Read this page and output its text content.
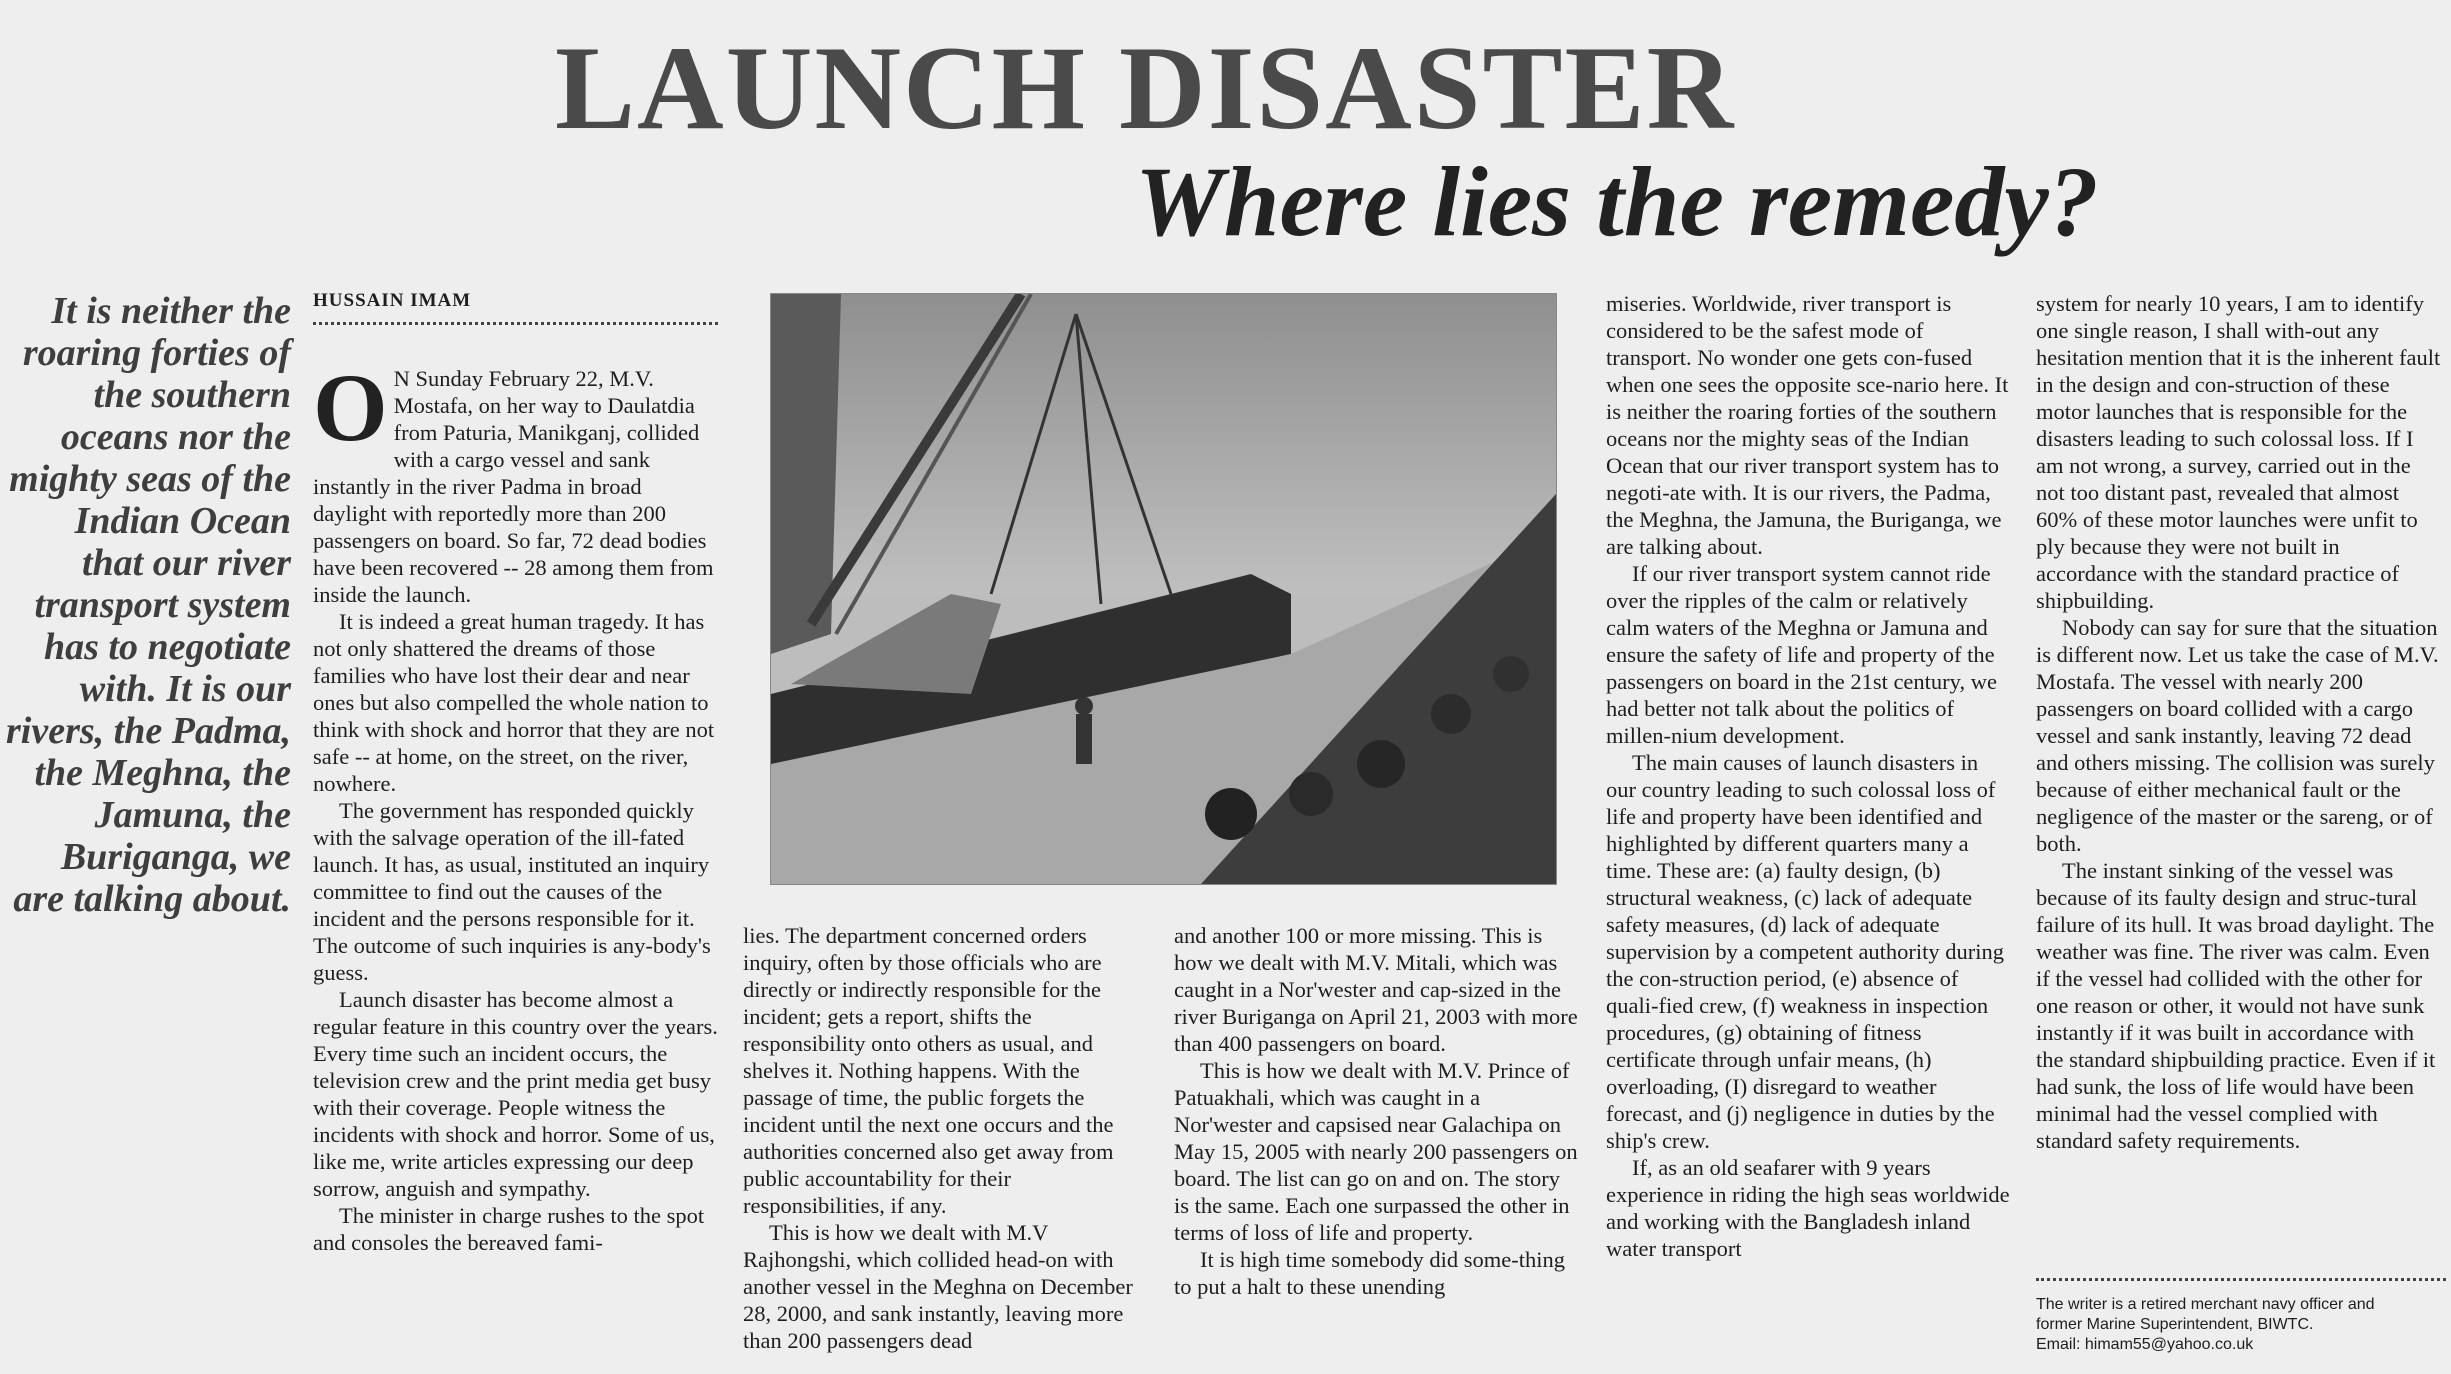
LAUNCH DISASTER
Where lies the remedy?

It is neither the roaring forties of the southern oceans nor the mighty seas of the Indian Ocean that our river transport system has to negotiate with. It is our rivers, the Padma, the Meghna, the Jamuna, the Buriganga, we are talking about.

HUSSAIN IMAM
O N Sunday February 22, M.V. Mostafa, on her way to Daulatdia from Paturia, Manikganj, collided with a cargo vessel and sank instantly in the river Padma in broad daylight with reportedly more than 200 passengers on board. So far, 72 dead bodies have been recovered -- 28 among them from inside the launch.

It is indeed a great human tragedy. It has not only shattered the dreams of those families who have lost their dear and near ones but also compelled the whole nation to think with shock and horror that they are not safe -- at home, on the street, on the river, nowhere.

The government has responded quickly with the salvage operation of the ill-fated launch. It has, as usual, instituted an inquiry committee to find out the causes of the incident and the persons responsible for it. The outcome of such inquiries is any-body's guess.

Launch disaster has become almost a regular feature in this country over the years. Every time such an incident occurs, the television crew and the print media get busy with their coverage. People witness the incidents with shock and horror. Some of us, like me, write articles expressing our deep sorrow, anguish and sympathy.

The minister in charge rushes to the spot and consoles the bereaved fami-

lies. The department concerned orders inquiry, often by those officials who are directly or indirectly responsible for the incident; gets a report, shifts the responsibility onto others as usual, and shelves it. Nothing happens. With the passage of time, the public forgets the incident until the next one occurs and the authorities concerned also get away from public accountability for their responsibilities, if any.

This is how we dealt with M.V Rajhongshi, which collided head-on with another vessel in the Meghna on December 28, 2000, and sank instantly, leaving more than 200 passengers dead

and another 100 or more missing. This is how we dealt with M.V. Mitali, which was caught in a Nor'wester and cap-sized in the river Buriganga on April 21, 2003 with more than 400 passengers on board.

This is how we dealt with M.V. Prince of Patuakhali, which was caught in a Nor'wester and capsised near Galachipa on May 15, 2005 with nearly 200 passengers on board. The list can go on and on. The story is the same. Each one surpassed the other in terms of loss of life and property.

It is high time somebody did some-thing to put a halt to these unending

miseries. Worldwide, river transport is considered to be the safest mode of transport. No wonder one gets con-fused when one sees the opposite sce-nario here. It is neither the roaring forties of the southern oceans nor the mighty seas of the Indian Ocean that our river transport system has to negoti-ate with. It is our rivers, the Padma, the Meghna, the Jamuna, the Buriganga, we are talking about.

If our river transport system cannot ride over the ripples of the calm or relatively calm waters of the Meghna or Jamuna and ensure the safety of life and property of the passengers on board in the 21st century, we had better not talk about the politics of millen-nium development.

The main causes of launch disasters in our country leading to such colossal loss of life and property have been identified and highlighted by different quarters many a time. These are: (a) faulty design, (b) structural weakness, (c) lack of adequate safety measures, (d) lack of adequate supervision by a competent authority during the con-struction period, (e) absence of quali-fied crew, (f) weakness in inspection procedures, (g) obtaining of fitness certificate through unfair means, (h) overloading, (I) disregard to weather forecast, and (j) negligence in duties by the ship's crew.

If, as an old seafarer with 9 years experience in riding the high seas worldwide and working with the Bangladesh inland water transport

system for nearly 10 years, I am to identify one single reason, I shall with-out any hesitation mention that it is the inherent fault in the design and con-struction of these motor launches that is responsible for the disasters leading to such colossal loss. If I am not wrong, a survey, carried out in the not too distant past, revealed that almost 60% of these motor launches were unfit to ply because they were not built in accordance with the standard practice of shipbuilding.

Nobody can say for sure that the situation is different now. Let us take the case of M.V. Mostafa. The vessel with nearly 200 passengers on board collided with a cargo vessel and sank instantly, leaving 72 dead and others missing. The collision was surely because of either mechanical fault or the negligence of the master or the sareng, or of both.

The instant sinking of the vessel was because of its faulty design and struc-tural failure of its hull. It was broad daylight. The weather was fine. The river was calm. Even if the vessel had collided with the other for one reason or other, it would not have sunk instantly if it was built in accordance with the standard shipbuilding practice. Even if it had sunk, the loss of life would have been minimal had the vessel complied with standard safety requirements.

The writer is a retired merchant navy officer and
former Marine Superintendent, BIWTC.
Email: himam55@yahoo.co.uk
